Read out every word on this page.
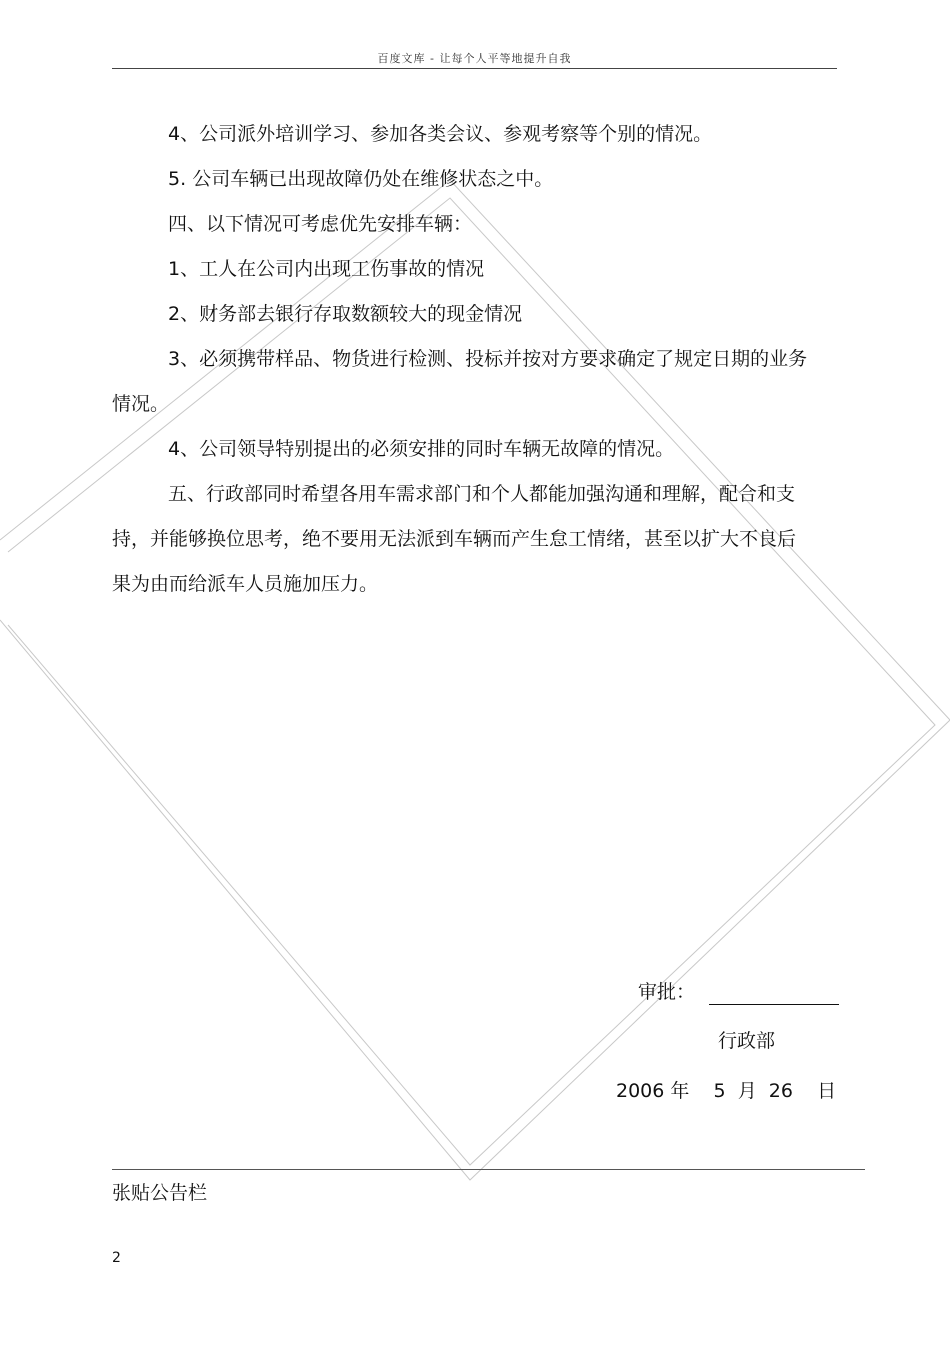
百度文库 - 让每个人平等地提升自我

4、公司派外培训学习、参加各类会议、参观考察等个别的情况。

5. 公司车辆已出现故障仍处在维修状态之中。

四、以下情况可考虑优先安排车辆：

1、工人在公司内出现工伤事故的情况

2、财务部去银行存取数额较大的现金情况

3、必须携带样品、物货进行检测、投标并按对方要求确定了规定日期的业务情况。

4、公司领导特别提出的必须安排的同时车辆无故障的情况。

五、行政部同时希望各用车需求部门和个人都能加强沟通和理解，配合和支持，并能够换位思考，绝不要用无法派到车辆而产生怠工情绪，甚至以扩大不良后果为由而给派车人员施加压力。

审批：
行政部
2006 年    5  月  26    日
张贴公告栏
2
